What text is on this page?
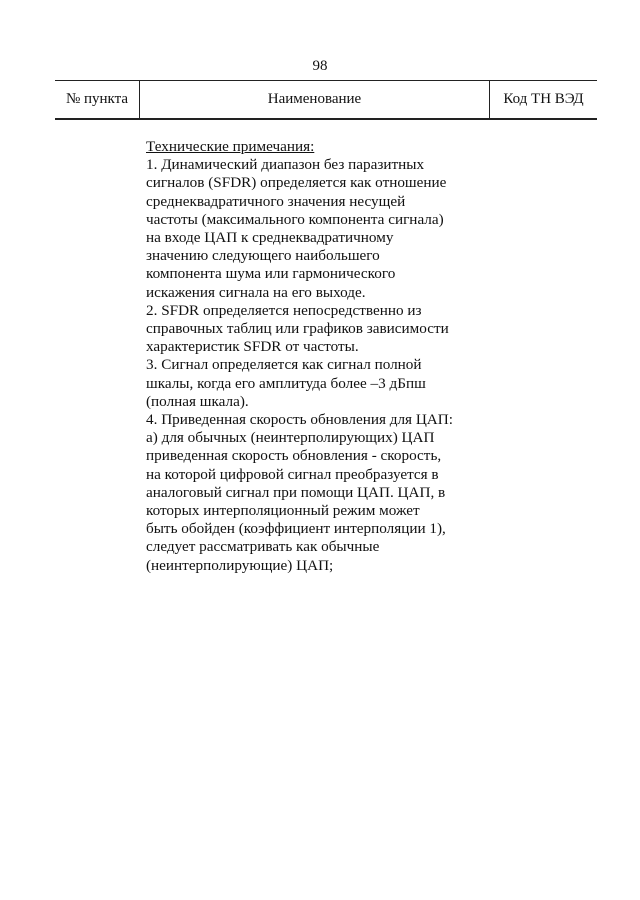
98
№ пункта	Наименование	Код ТН ВЭД

Технические примечания:

1. Динамический диапазон без паразитных

сигналов (SFDR) определяется как отношение

среднеквадратичного значения несущей

частоты (максимального компонента сигнала)

на входе ЦАП к среднеквадратичному

значению следующего наибольшего

компонента шума или гармонического

искажения сигнала на его выходе.

2. SFDR определяется непосредственно из

справочных таблиц или графиков зависимости

характеристик SFDR от частоты.

3. Сигнал определяется как сигнал полной

шкалы, когда его амплитуда более –3 дБпш

(полная шкала).

4. Приведенная скорость обновления для ЦАП:

а) для обычных (неинтерполирующих) ЦАП

приведенная скорость обновления - скорость,

на которой цифровой сигнал преобразуется в

аналоговый сигнал при помощи ЦАП. ЦАП, в

которых интерполяционный режим может

быть обойден (коэффициент интерполяции 1),

следует рассматривать как обычные

(неинтерполирующие) ЦАП;
